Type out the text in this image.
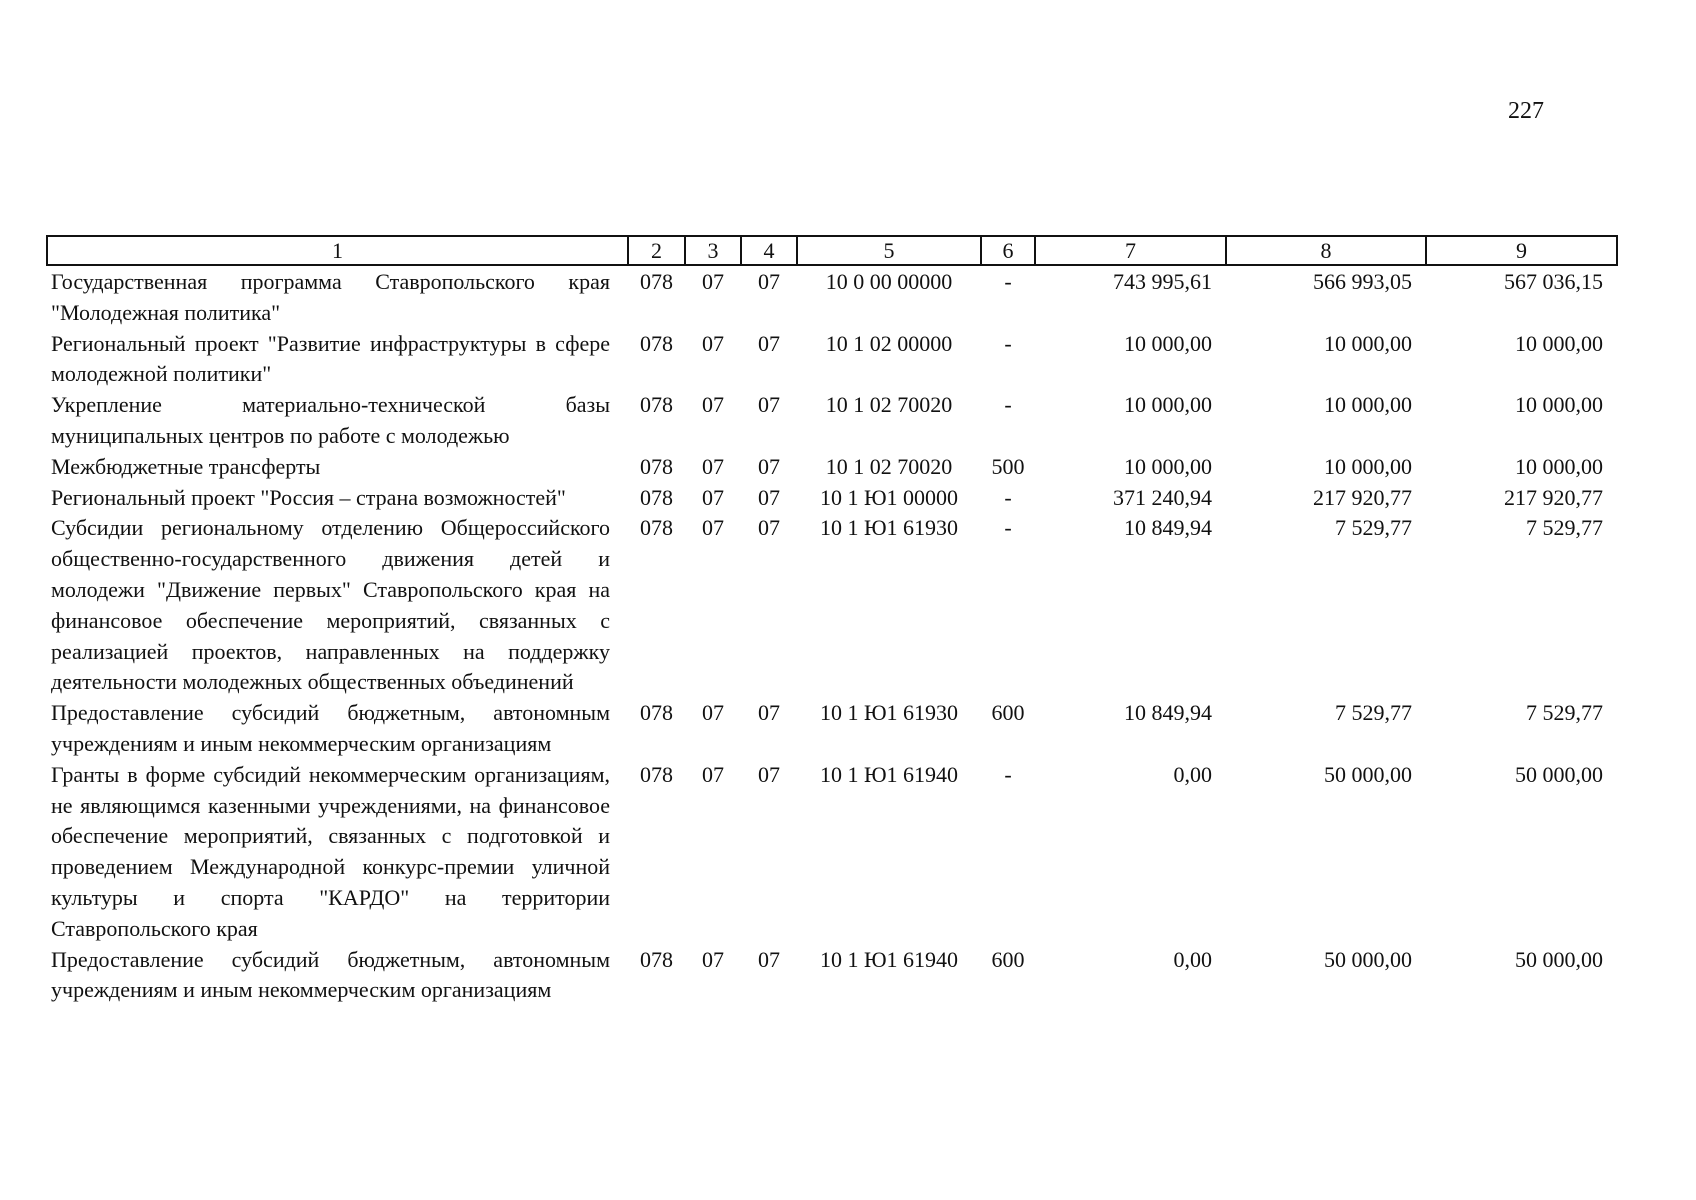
227
1	2	3	4	5	6	7	8	9
Государственная программа Ставропольского края "Молодежная политика"	078	07	07	10 0 00 00000	-	743 995,61	566 993,05	567 036,15
Региональный проект "Развитие инфраструктуры в сфере молодежной политики"	078	07	07	10 1 02 00000	-	10 000,00	10 000,00	10 000,00
Укрепление материально-технической базы муниципальных центров по работе с молодежью	078	07	07	10 1 02 70020	-	10 000,00	10 000,00	10 000,00
Межбюджетные трансферты	078	07	07	10 1 02 70020	500	10 000,00	10 000,00	10 000,00
Региональный проект "Россия – страна возможностей"	078	07	07	10 1 Ю1 00000	-	371 240,94	217 920,77	217 920,77
Субсидии региональному отделению Общероссийского общественно-государственного движения детей и молодежи "Движение первых" Ставропольского края на финансовое обеспечение мероприятий, связанных с реализацией проектов, направленных на поддержку деятельности молодежных общественных объединений	078	07	07	10 1 Ю1 61930	-	10 849,94	7 529,77	7 529,77
Предоставление субсидий бюджетным, автономным учреждениям и иным некоммерческим организациям	078	07	07	10 1 Ю1 61930	600	10 849,94	7 529,77	7 529,77
Гранты в форме субсидий некоммерческим организациям, не являющимся казенными учреждениями, на финансовое обеспечение мероприятий, связанных с подготовкой и проведением Международной конкурс-премии уличной культуры и спорта "КАРДО" на территории Ставропольского края	078	07	07	10 1 Ю1 61940	-	0,00	50 000,00	50 000,00
Предоставление субсидий бюджетным, автономным учреждениям и иным некоммерческим организациям	078	07	07	10 1 Ю1 61940	600	0,00	50 000,00	50 000,00
